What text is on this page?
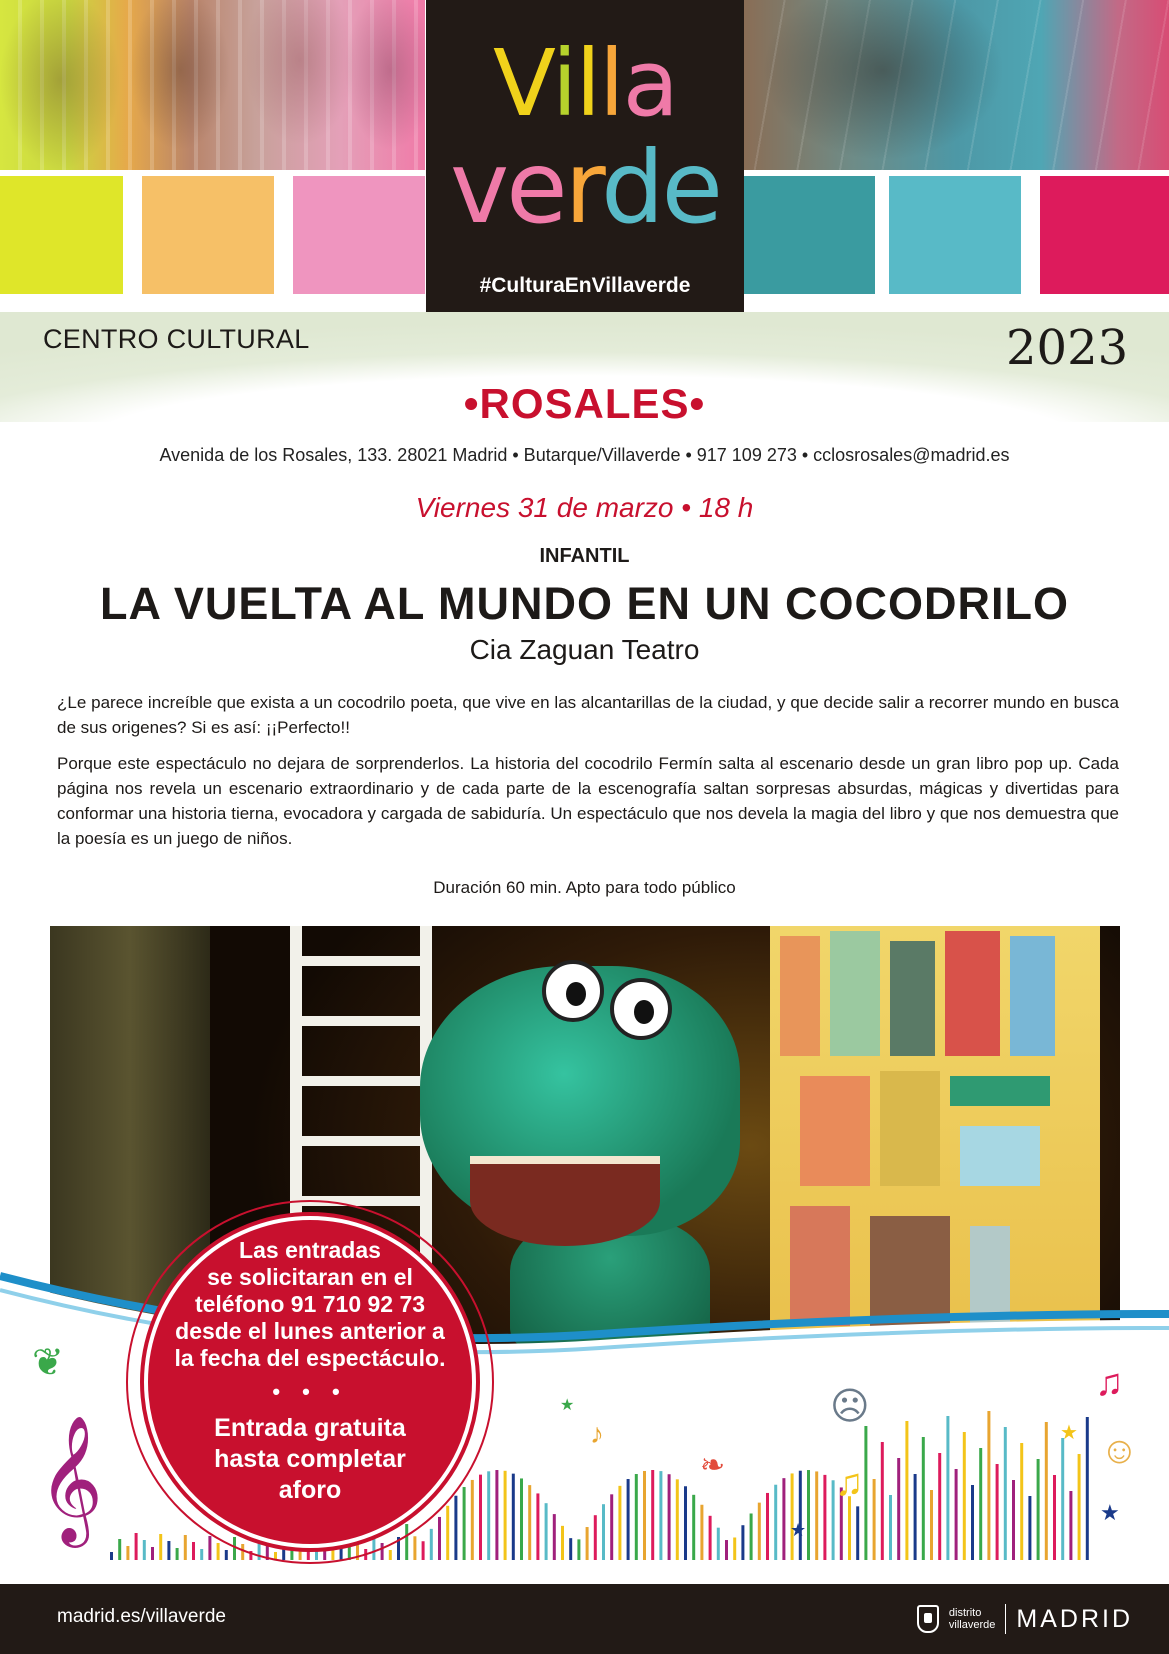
Villa
verde
#CulturaEnVillaverde
CENTRO CULTURAL	2023
•ROSALES•
Avenida de los Rosales, 133. 28021 Madrid • Butarque/Villaverde • 917 109 273 • cclosrosales@madrid.es
Viernes 31 de marzo • 18 h
INFANTIL
LA VUELTA AL MUNDO EN UN COCODRILO
Cia Zaguan Teatro

¿Le parece increíble que exista a un cocodrilo poeta, que vive en las alcantarillas de la ciudad, y que decide salir a recorrer mundo en busca de sus origenes? Si es así: ¡¡Perfecto!!

Porque este espectáculo no dejara de sorprenderlos. La historia del cocodrilo Fermín salta al escenario desde un gran libro pop up. Cada página nos revela un escenario extraordinario y de cada parte de la escenografía saltan sorpresas absurdas, mágicas y divertidas para conformar una historia tierna, evocadora y cargada de sabiduría. Un espectáculo que nos devela la magia del libro y que nos demuestra que la poesía es un juego de niños.

Duración 60 min. Apto para todo público
𝄞
❦	♫
♪
♫
☹
☺
❧
★
★
★
★
Las entradas
se solicitaran en el
teléfono 91 710 92 73
desde el lunes anterior a
la fecha del espectáculo.
• • •
Entrada gratuita
hasta completar
aforo
madrid.es/villaverde	distrito
villaverde MADRID
